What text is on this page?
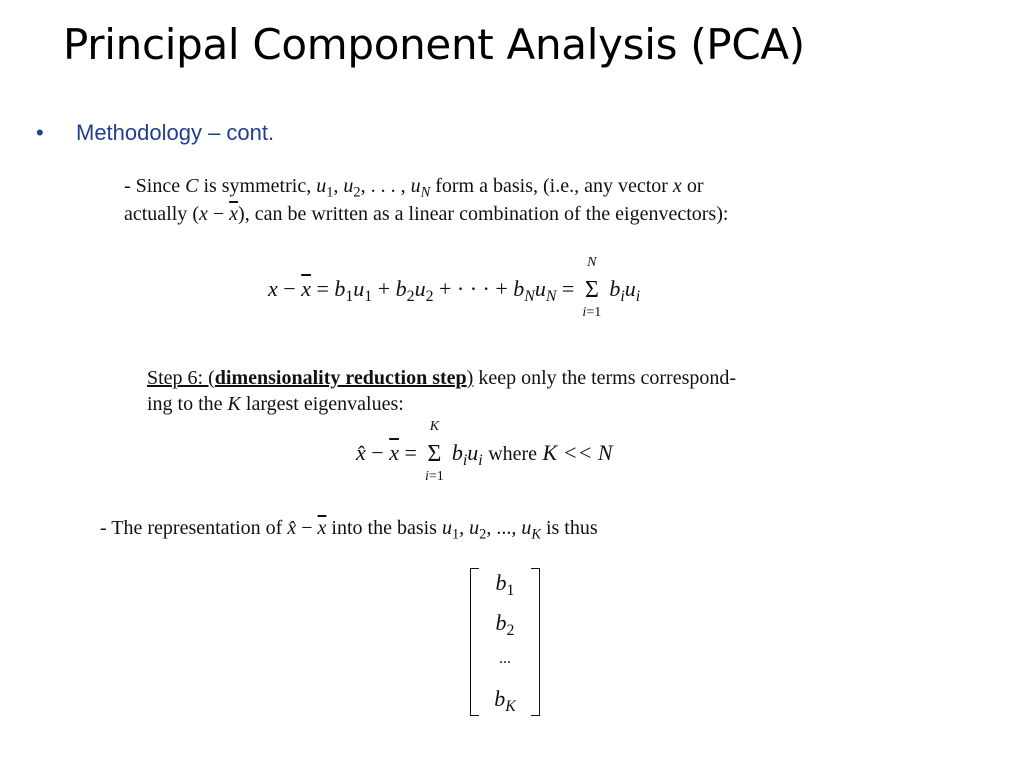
Principal Component Analysis (PCA)
• Methodology – cont.
- Since C is symmetric, $u_1$, $u_2$, . . . , $u_N$ form a basis, (i.e., any vector x or
actually $(x - \overline{x})$, can be written as a linear combination of the eigenvectors):
$x - \overline{x} = b_1u_1 + b_2u_2$ + · · · + $b_Nu_N$ =
N
Σ
i=1
$b_iu_i$
Step 6: (dimensionality reduction step) keep only the terms correspond-
ing to the K largest eigenvalues:
x̂ − $\overline{x}$ =
K
Σ
i=1
$b_iu_i$ where K << N
- The representation of x̂ − $\overline{x}$ into the basis $u_1$, $u_2$, ..., $u_K$ is thus
$b_1$
$b_2$
...
$b_K$
